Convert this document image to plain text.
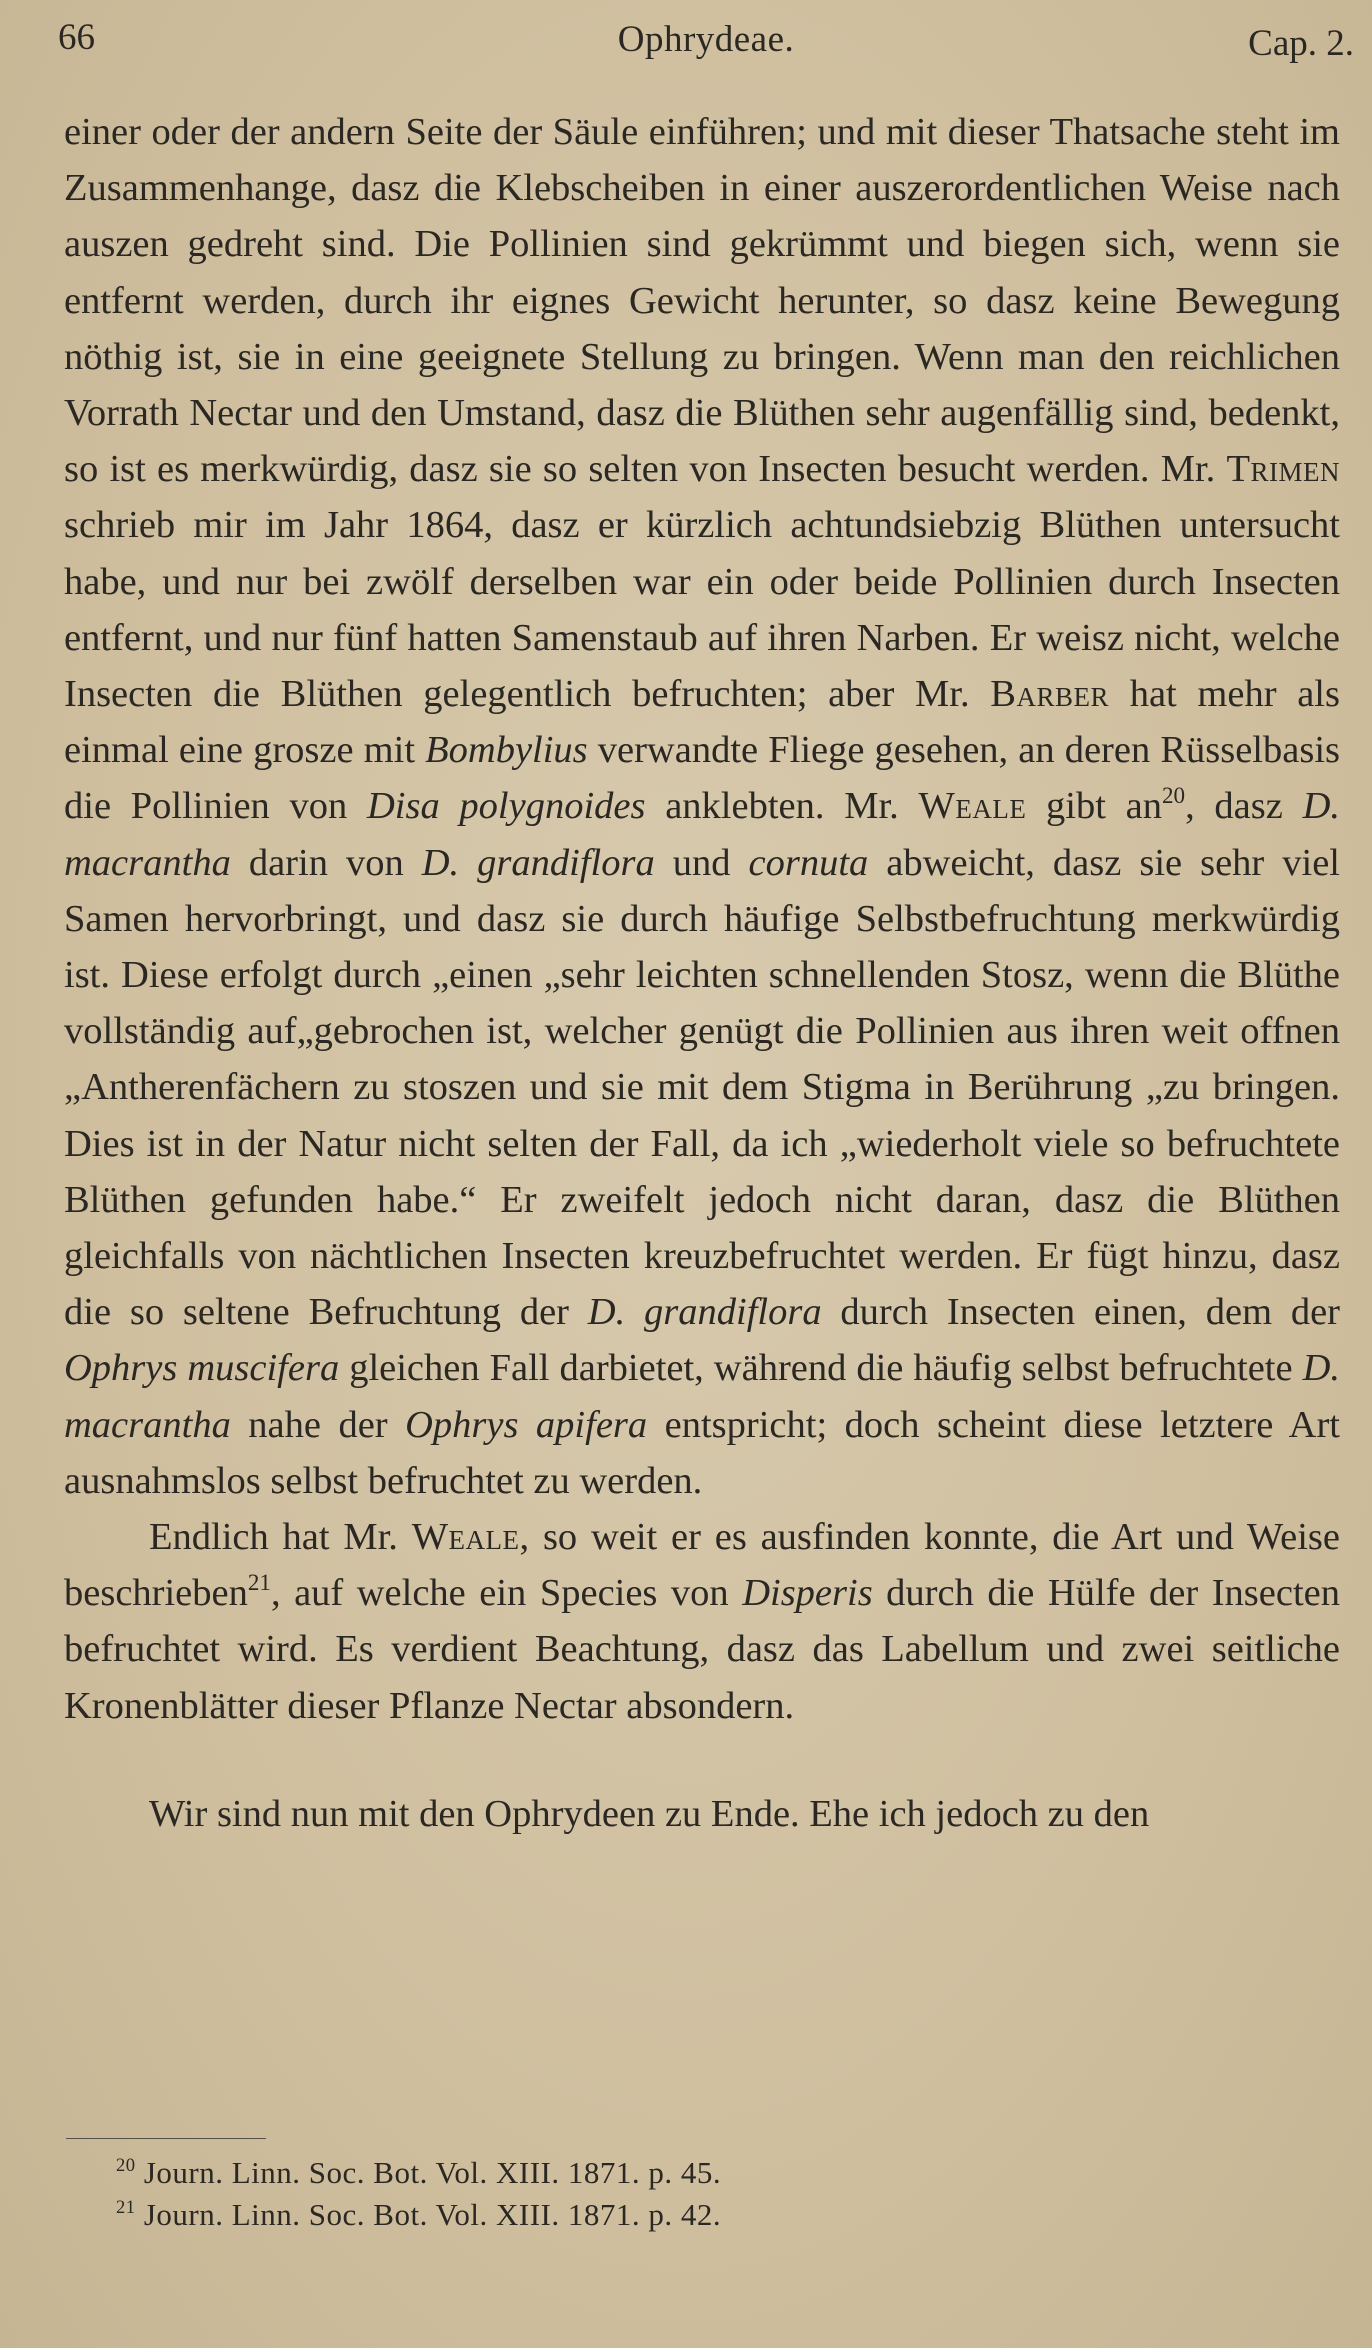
66	Ophrydeae.	Cap. 2.

einer oder der andern Seite der Säule einführen; und mit dieser Thatsache steht im Zusammenhange, dasz die Klebscheiben in einer auszerordentlichen Weise nach auszen gedreht sind. Die Pollinien sind gekrümmt und biegen sich, wenn sie entfernt werden, durch ihr eignes Gewicht herunter, so dasz keine Bewegung nöthig ist, sie in eine geeignete Stellung zu bringen. Wenn man den reichlichen Vorrath Nectar und den Umstand, dasz die Blüthen sehr augenfällig sind, bedenkt, so ist es merkwürdig, dasz sie so selten von Insecten besucht werden. Mr. Trimen schrieb mir im Jahr 1864, dasz er kürzlich achtundsiebzig Blüthen untersucht habe, und nur bei zwölf derselben war ein oder beide Pollinien durch Insecten entfernt, und nur fünf hatten Samenstaub auf ihren Narben. Er weisz nicht, welche Insecten die Blüthen gelegentlich befruchten; aber Mr. Barber hat mehr als einmal eine grosze mit Bombylius verwandte Fliege gesehen, an deren Rüsselbasis die Pollinien von Disa polygnoides anklebten. Mr. Weale gibt $an^{20}$, dasz D. macrantha darin von D. grandiflora und cornuta abweicht, dasz sie sehr viel Samen hervorbringt, und dasz sie durch häufige Selbstbefruchtung merkwürdig ist. Diese erfolgt durch „einen „sehr leichten schnellenden Stosz, wenn die Blüthe vollständig auf„gebrochen ist, welcher genügt die Pollinien aus ihren weit offnen „Antherenfächern zu stoszen und sie mit dem Stigma in Berührung „zu bringen. Dies ist in der Natur nicht selten der Fall, da ich „wiederholt viele so befruchtete Blüthen gefunden habe.“ Er zweifelt jedoch nicht daran, dasz die Blüthen gleichfalls von nächtlichen Insecten kreuzbefruchtet werden. Er fügt hinzu, dasz die so seltene Befruchtung der D. grandiflora durch Insecten einen, dem der Ophrys muscifera gleichen Fall darbietet, während die häufig selbst befruchtete D. macrantha nahe der Ophrys apifera entspricht; doch scheint diese letztere Art ausnahmslos selbst befruchtet zu werden.

Endlich hat Mr. Weale, so weit er es ausfinden konnte, die Art und Weise beschrieben$^{21}$, auf welche ein Species von Disperis durch die Hülfe der Insecten befruchtet wird. Es verdient Beachtung, dasz das Labellum und zwei seitliche Kronenblätter dieser Pflanze Nectar absondern.

Wir sind nun mit den Ophrydeen zu Ende. Ehe ich jedoch zu den

$^{20}$ Journ. Linn. Soc. Bot. Vol. XIII. 1871. p. 45.
$^{21}$ Journ. Linn. Soc. Bot. Vol. XIII. 1871. p. 42.
